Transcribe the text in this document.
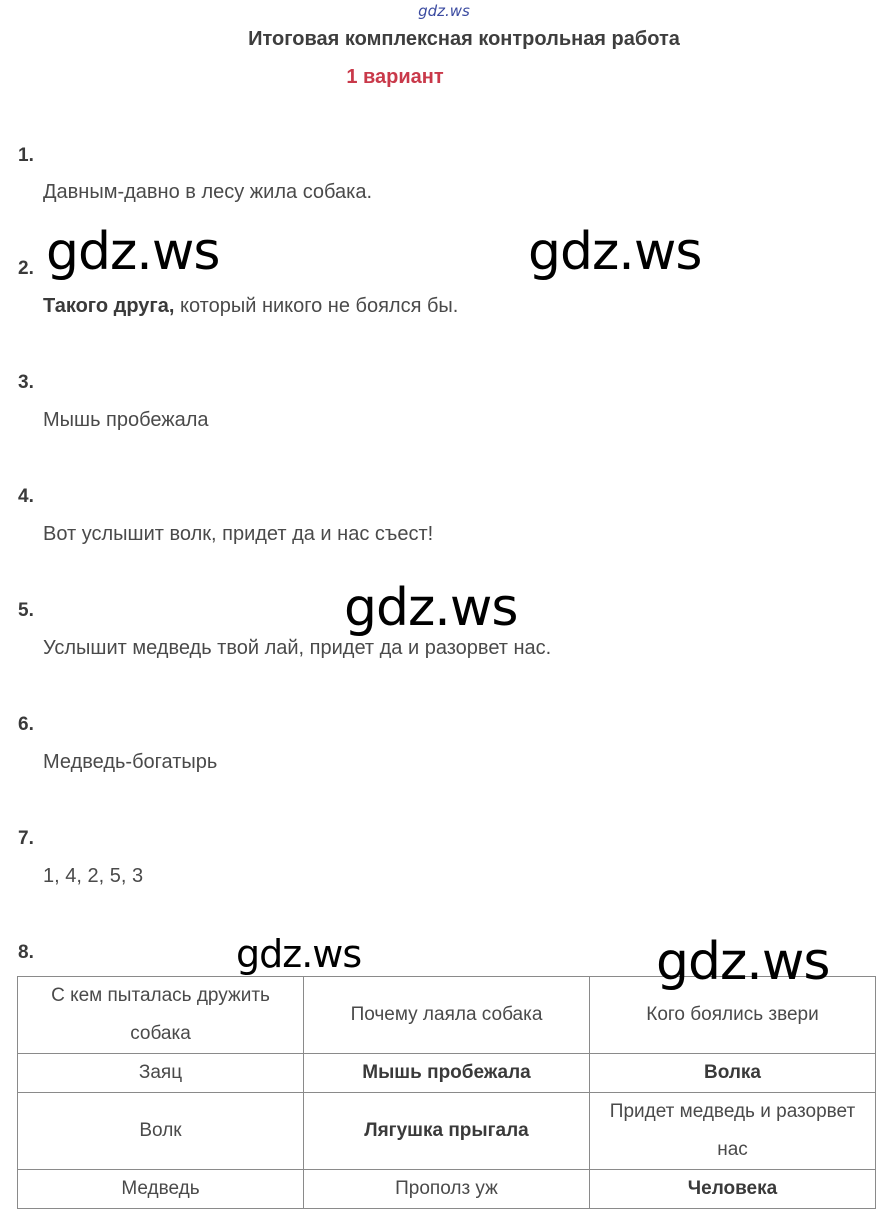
gdz.ws
Итоговая комплексная контрольная работа
1 вариант
1.
Давным-давно в лесу жила собака.
2.
Такого друга, который никого не боялся бы.
3.
Мышь пробежала
4.
Вот услышит волк, придет да и нас съест!
5.
Услышит медведь твой лай, придет да и разорвет нас.
6.
Медведь-богатырь
7.
1, 4, 2, 5, 3
8.
С кем пыталась дружить собака	Почему лаяла собака	Кого боялись звери
Заяц	Мышь пробежала	Волка
Волк	Лягушка прыгала	Придет медведь и разорвет нас
Медведь	Прополз уж	Человека
gdz.ws	gdz.ws
gdz.ws
gdz.ws	gdz.ws
